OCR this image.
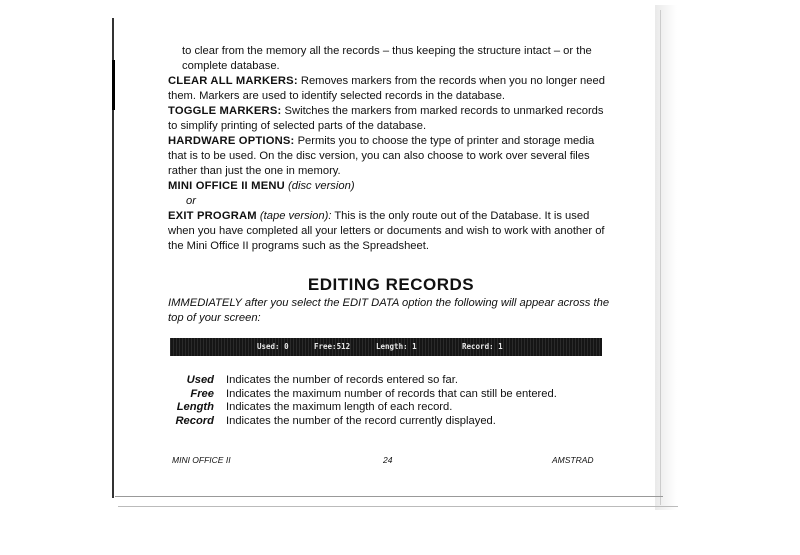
to clear from the memory all the records – thus keeping the structure intact – or the complete database.

CLEAR ALL MARKERS: Removes markers from the records when you no longer need them. Markers are used to identify selected records in the database.

TOGGLE MARKERS: Switches the markers from marked records to unmarked records to simplify printing of selected parts of the database.

HARDWARE OPTIONS: Permits you to choose the type of printer and storage media that is to be used. On the disc version, you can also choose to work over several files rather than just the one in memory.

MINI OFFICE II MENU (disc version)

or

EXIT PROGRAM (tape version): This is the only route out of the Database. It is used when you have completed all your letters or documents and wish to work with another of the Mini Office II programs such as the Spreadsheet.

EDITING RECORDS
IMMEDIATELY after you select the EDIT DATA option the following will appear across the top of your screen:
Used: 0	Free:512	Length: 1	Record: 1
Used	Indicates the number of records entered so far.
Free	Indicates the maximum number of records that can still be entered.
Length	Indicates the maximum length of each record.
Record	Indicates the number of the record currently displayed.
MINI OFFICE II	24	AMSTRAD
